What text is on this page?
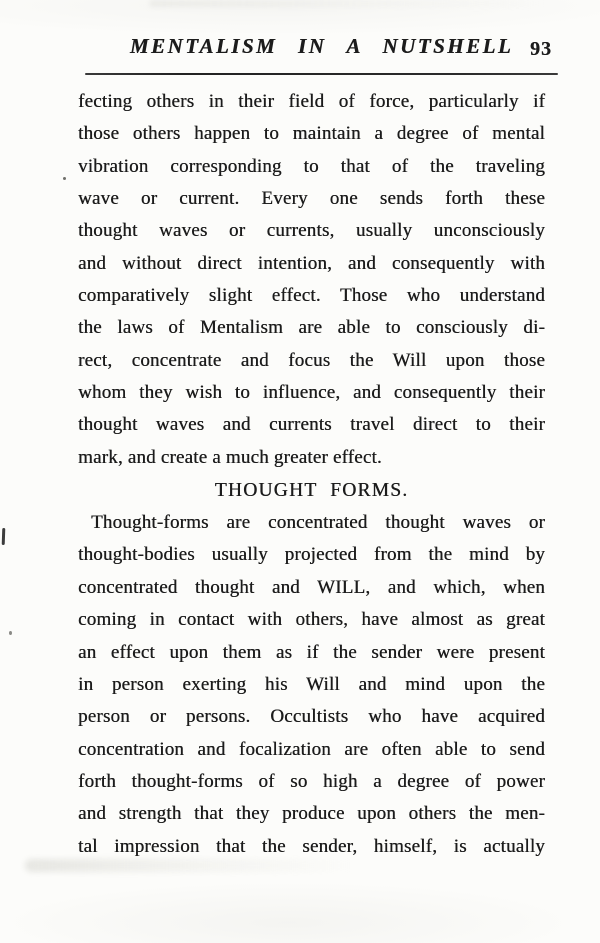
MENTALISM IN A NUTSHELL 93
fecting others in their field of force, particularly if
those others happen to maintain a degree of mental
vibration corresponding to that of the traveling
wave or current. Every one sends forth these
thought waves or currents, usually unconsciously
and without direct intention, and consequently with
comparatively slight effect. Those who understand
the laws of Mentalism are able to consciously di-
rect, concentrate and focus the Will upon those
whom they wish to influence, and consequently their
thought waves and currents travel direct to their
mark, and create a much greater effect.
THOUGHT FORMS.
Thought-forms are concentrated thought waves or
thought-bodies usually projected from the mind by
concentrated thought and WILL, and which, when
coming in contact with others, have almost as great
an effect upon them as if the sender were present
in person exerting his Will and mind upon the
person or persons. Occultists who have acquired
concentration and focalization are often able to send
forth thought-forms of so high a degree of power
and strength that they produce upon others the men-
tal impression that the sender, himself, is actually
